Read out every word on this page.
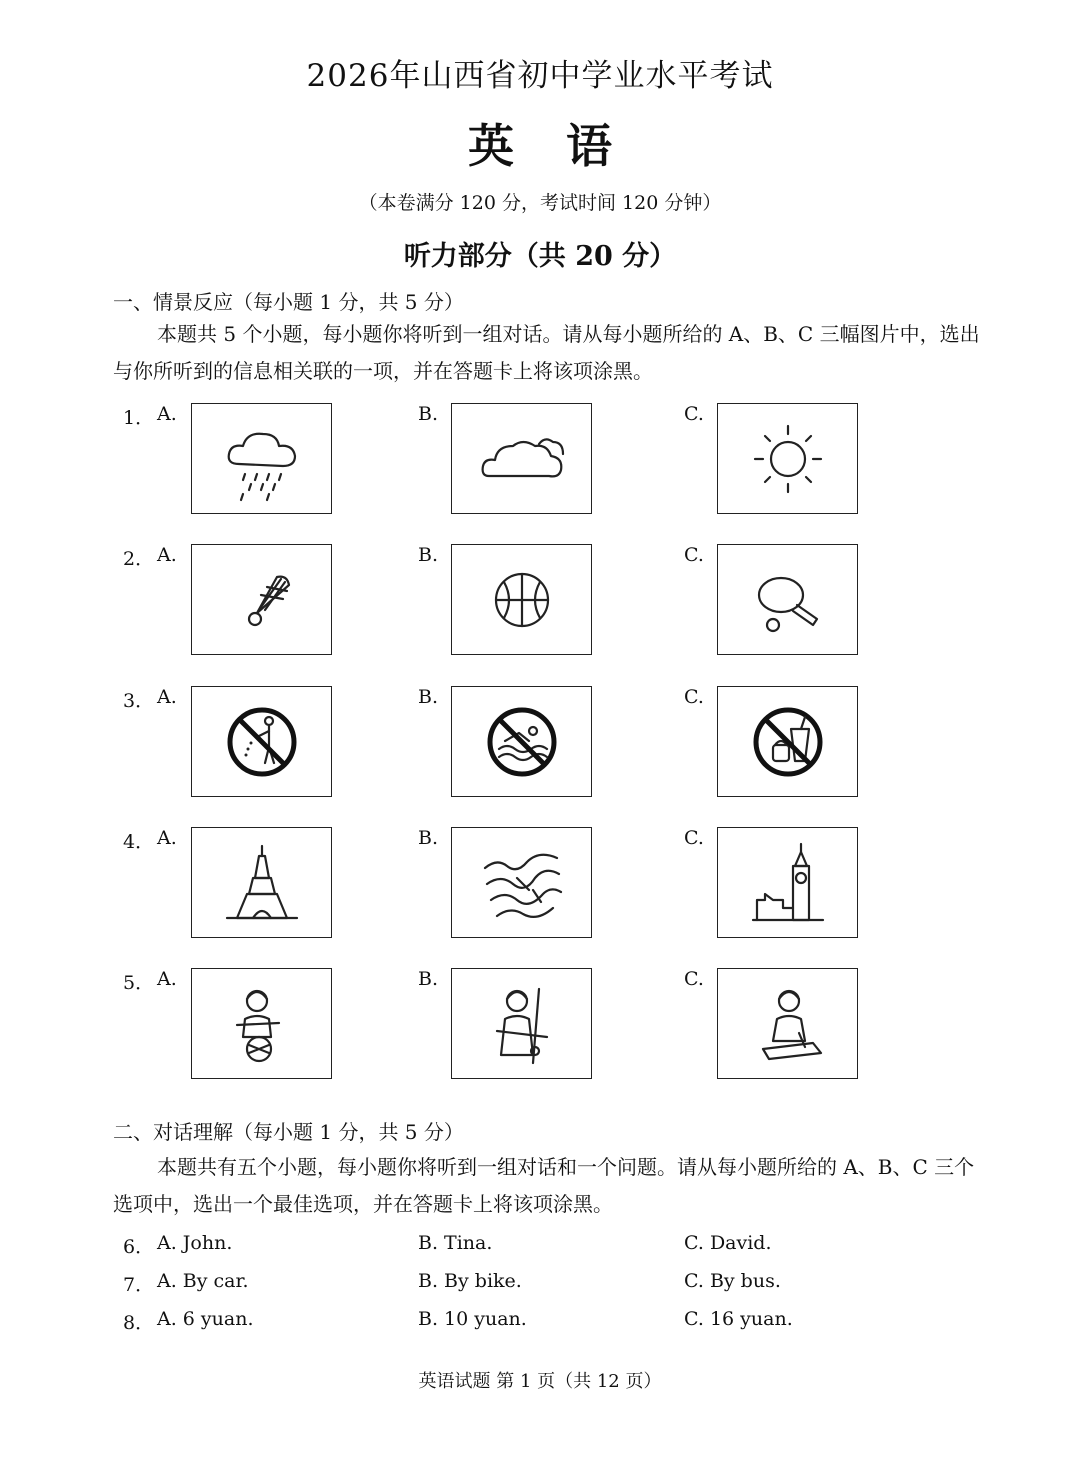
2026年山西省初中学业水平考试
英语
（本卷满分 120 分，考试时间 120 分钟）
听力部分（共 20 分）
一、情景反应（每小题 1 分，共 5 分）
本题共 5 个小题，每小题你将听到一组对话。请从每小题所给的 A、B、C 三幅图片中，选出与你所听到的信息相关联的一项，并在答题卡上将该项涂黑。
1． A.	B.	C.
2． A.	B.	C.
3． A.	B.	C.
4． A.	B.	C.
5． A.	B.	C.
二、对话理解（每小题 1 分，共 5 分）
本题共有五个小题，每小题你将听到一组对话和一个问题。请从每小题所给的 A、B、C 三个选项中，选出一个最佳选项，并在答题卡上将该项涂黑。
6． A. John.	B. Tina.	C. David.
7． A. By car.	B. By bike.	C. By bus.
8． A. 6 yuan.	B. 10 yuan.	C. 16 yuan.
英语试题 第 1 页（共 12 页）
